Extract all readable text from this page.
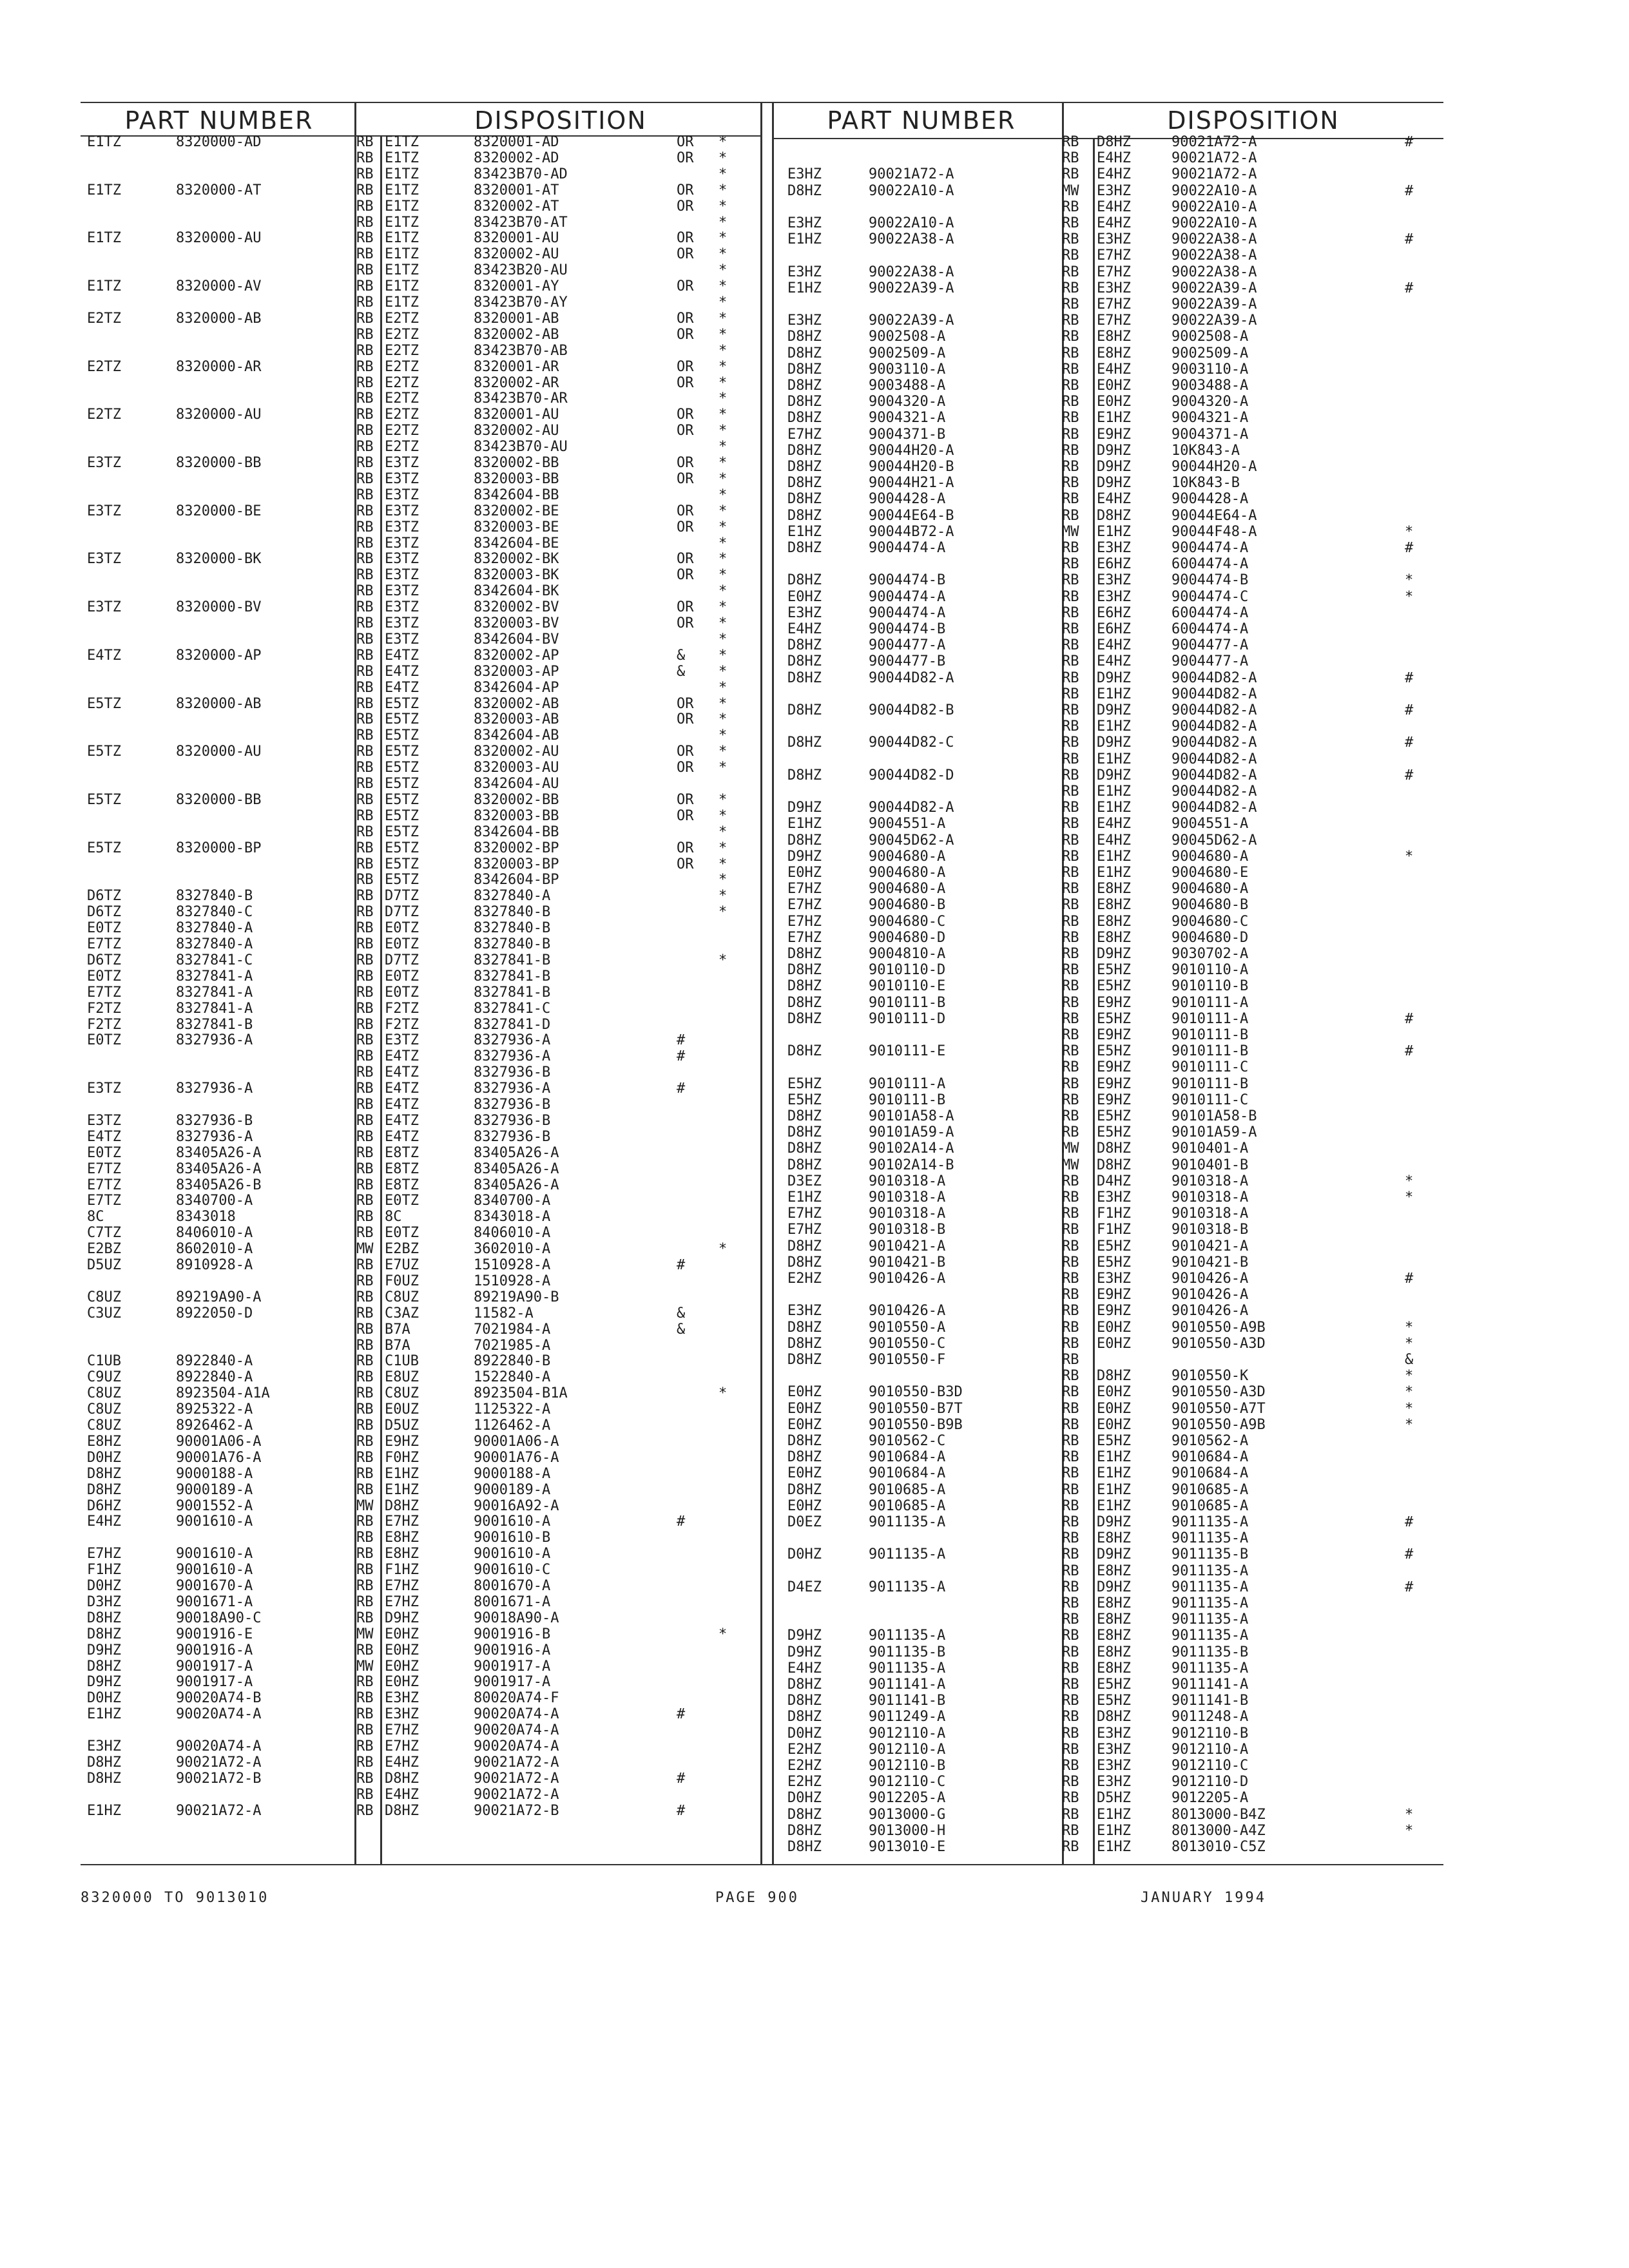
PART NUMBER	DISPOSITION	PART NUMBER	DISPOSITION
E1TZ	8320000-AD	RB E1TZ	8320001-AD	OR *
RB E1TZ	8320002-AD	OR *
RB E1TZ	83423B70-AD	*
E1TZ	8320000-AT	RB E1TZ	8320001-AT	OR *
RB E1TZ	8320002-AT	OR *
RB E1TZ	83423B70-AT	*
E1TZ	8320000-AU	RB E1TZ	8320001-AU	OR *
RB E1TZ	8320002-AU	OR *
RB E1TZ	83423B20-AU	*
E1TZ	8320000-AV	RB E1TZ	8320001-AY	OR *
RB E1TZ	83423B70-AY	*
E2TZ	8320000-AB	RB E2TZ	8320001-AB	OR *
RB E2TZ	8320002-AB	OR *
RB E2TZ	83423B70-AB	*
E2TZ	8320000-AR	RB E2TZ	8320001-AR	OR *
RB E2TZ	8320002-AR	OR *
RB E2TZ	83423B70-AR	*
E2TZ	8320000-AU	RB E2TZ	8320001-AU	OR *
RB E2TZ	8320002-AU	OR *
RB E2TZ	83423B70-AU	*
E3TZ	8320000-BB	RB E3TZ	8320002-BB	OR *
RB E3TZ	8320003-BB	OR *
RB E3TZ	8342604-BB	*
E3TZ	8320000-BE	RB E3TZ	8320002-BE	OR *
RB E3TZ	8320003-BE	OR *
RB E3TZ	8342604-BE	*
E3TZ	8320000-BK	RB E3TZ	8320002-BK	OR *
RB E3TZ	8320003-BK	OR *
RB E3TZ	8342604-BK	*
E3TZ	8320000-BV	RB E3TZ	8320002-BV	OR *
RB E3TZ	8320003-BV	OR *
RB E3TZ	8342604-BV	*
E4TZ	8320000-AP	RB E4TZ	8320002-AP	& *
RB E4TZ	8320003-AP	& *
RB E4TZ	8342604-AP	*
E5TZ	8320000-AB	RB E5TZ	8320002-AB	OR *
RB E5TZ	8320003-AB	OR *
RB E5TZ	8342604-AB	*
E5TZ	8320000-AU	RB E5TZ	8320002-AU	OR *
RB E5TZ	8320003-AU	OR *
RB E5TZ	8342604-AU
E5TZ	8320000-BB	RB E5TZ	8320002-BB	OR *
RB E5TZ	8320003-BB	OR *
RB E5TZ	8342604-BB	*
E5TZ	8320000-BP	RB E5TZ	8320002-BP	OR *
RB E5TZ	8320003-BP	OR *
RB E5TZ	8342604-BP	*
D6TZ	8327840-B	RB D7TZ	8327840-A	*
D6TZ	8327840-C	RB D7TZ	8327840-B	*
E0TZ	8327840-A	RB E0TZ	8327840-B
E7TZ	8327840-A	RB E0TZ	8327840-B
D6TZ	8327841-C	RB D7TZ	8327841-B	*
E0TZ	8327841-A	RB E0TZ	8327841-B
E7TZ	8327841-A	RB E0TZ	8327841-B
F2TZ	8327841-A	RB F2TZ	8327841-C
F2TZ	8327841-B	RB F2TZ	8327841-D
E0TZ	8327936-A	RB E3TZ	8327936-A	#
RB E4TZ	8327936-A	#
RB E4TZ	8327936-B
E3TZ	8327936-A	RB E4TZ	8327936-A	#
RB E4TZ	8327936-B
E3TZ	8327936-B	RB E4TZ	8327936-B
E4TZ	8327936-A	RB E4TZ	8327936-B
E0TZ	83405A26-A	RB E8TZ	83405A26-A
E7TZ	83405A26-A	RB E8TZ	83405A26-A
E7TZ	83405A26-B	RB E8TZ	83405A26-A
E7TZ	8340700-A	RB E0TZ	8340700-A
8C	8343018	RB 8C	8343018-A
C7TZ	8406010-A	RB E0TZ	8406010-A
E2BZ	8602010-A	MW E2BZ	3602010-A	*
D5UZ	8910928-A	RB E7UZ	1510928-A	#
RB F0UZ	1510928-A
C8UZ	89219A90-A	RB C8UZ	89219A90-B
C3UZ	8922050-D	RB C3AZ	11582-A	&
RB B7A	7021984-A	&
RB B7A	7021985-A
C1UB	8922840-A	RB C1UB	8922840-B
C9UZ	8922840-A	RB E8UZ	1522840-A
C8UZ	8923504-A1A	RB C8UZ	8923504-B1A	*
C8UZ	8925322-A	RB E0UZ	1125322-A
C8UZ	8926462-A	RB D5UZ	1126462-A
E8HZ	90001A06-A	RB E9HZ	90001A06-A
D0HZ	90001A76-A	RB F0HZ	90001A76-A
D8HZ	9000188-A	RB E1HZ	9000188-A
D8HZ	9000189-A	RB E1HZ	9000189-A
D6HZ	9001552-A	MW D8HZ	90016A92-A
E4HZ	9001610-A	RB E7HZ	9001610-A	#
RB E8HZ	9001610-B
E7HZ	9001610-A	RB E8HZ	9001610-A
F1HZ	9001610-A	RB F1HZ	9001610-C
D0HZ	9001670-A	RB E7HZ	8001670-A
D3HZ	9001671-A	RB E7HZ	8001671-A
D8HZ	90018A90-C	RB D9HZ	90018A90-A
D8HZ	9001916-E	MW E0HZ	9001916-B	*
D9HZ	9001916-A	RB E0HZ	9001916-A
D8HZ	9001917-A	MW E0HZ	9001917-A
D9HZ	9001917-A	RB E0HZ	9001917-A
D0HZ	90020A74-B	RB E3HZ	80020A74-F
E1HZ	90020A74-A	RB E3HZ	90020A74-A	#
RB E7HZ	90020A74-A
E3HZ	90020A74-A	RB E7HZ	90020A74-A
D8HZ	90021A72-A	RB E4HZ	90021A72-A
D8HZ	90021A72-B	RB D8HZ	90021A72-A	#
RB E4HZ	90021A72-A
E1HZ	90021A72-A	RB D8HZ	90021A72-B	#
RB D8HZ	90021A72-A	#
RB E4HZ	90021A72-A
E3HZ	90021A72-A	RB E4HZ	90021A72-A
D8HZ	90022A10-A	MW E3HZ	90022A10-A	#
RB E4HZ	90022A10-A
E3HZ	90022A10-A	RB E4HZ	90022A10-A
E1HZ	90022A38-A	RB E3HZ	90022A38-A	#
RB E7HZ	90022A38-A
E3HZ	90022A38-A	RB E7HZ	90022A38-A
E1HZ	90022A39-A	RB E3HZ	90022A39-A	#
RB E7HZ	90022A39-A
E3HZ	90022A39-A	RB E7HZ	90022A39-A
D8HZ	9002508-A	RB E8HZ	9002508-A
D8HZ	9002509-A	RB E8HZ	9002509-A
D8HZ	9003110-A	RB E4HZ	9003110-A
D8HZ	9003488-A	RB E0HZ	9003488-A
D8HZ	9004320-A	RB E0HZ	9004320-A
D8HZ	9004321-A	RB E1HZ	9004321-A
E7HZ	9004371-B	RB E9HZ	9004371-A
D8HZ	90044H20-A	RB D9HZ	10K843-A
D8HZ	90044H20-B	RB D9HZ	90044H20-A
D8HZ	90044H21-A	RB D9HZ	10K843-B
D8HZ	9004428-A	RB E4HZ	9004428-A
D8HZ	90044E64-B	RB D8HZ	90044E64-A
E1HZ	90044B72-A	MW E1HZ	90044F48-A	*
D8HZ	9004474-A	RB E3HZ	9004474-A	#
RB E6HZ	6004474-A
D8HZ	9004474-B	RB E3HZ	9004474-B	*
E0HZ	9004474-A	RB E3HZ	9004474-C	*
E3HZ	9004474-A	RB E6HZ	6004474-A
E4HZ	9004474-B	RB E6HZ	6004474-A
D8HZ	9004477-A	RB E4HZ	9004477-A
D8HZ	9004477-B	RB E4HZ	9004477-A
D8HZ	90044D82-A	RB D9HZ	90044D82-A	#
RB E1HZ	90044D82-A
D8HZ	90044D82-B	RB D9HZ	90044D82-A	#
RB E1HZ	90044D82-A
D8HZ	90044D82-C	RB D9HZ	90044D82-A	#
RB E1HZ	90044D82-A
D8HZ	90044D82-D	RB D9HZ	90044D82-A	#
RB E1HZ	90044D82-A
D9HZ	90044D82-A	RB E1HZ	90044D82-A
E1HZ	9004551-A	RB E4HZ	9004551-A
D8HZ	90045D62-A	RB E4HZ	90045D62-A
D9HZ	9004680-A	RB E1HZ	9004680-A	*
E0HZ	9004680-A	RB E1HZ	9004680-E
E7HZ	9004680-A	RB E8HZ	9004680-A
E7HZ	9004680-B	RB E8HZ	9004680-B
E7HZ	9004680-C	RB E8HZ	9004680-C
E7HZ	9004680-D	RB E8HZ	9004680-D
D8HZ	9004810-A	RB D9HZ	9030702-A
D8HZ	9010110-D	RB E5HZ	9010110-A
D8HZ	9010110-E	RB E5HZ	9010110-B
D8HZ	9010111-B	RB E9HZ	9010111-A
D8HZ	9010111-D	RB E5HZ	9010111-A	#
RB E9HZ	9010111-B
D8HZ	9010111-E	RB E5HZ	9010111-B	#
RB E9HZ	9010111-C
E5HZ	9010111-A	RB E9HZ	9010111-B
E5HZ	9010111-B	RB E9HZ	9010111-C
D8HZ	90101A58-A	RB E5HZ	90101A58-B
D8HZ	90101A59-A	RB E5HZ	90101A59-A
D8HZ	90102A14-A	MW D8HZ	9010401-A
D8HZ	90102A14-B	MW D8HZ	9010401-B
D3EZ	9010318-A	RB D4HZ	9010318-A	*
E1HZ	9010318-A	RB E3HZ	9010318-A	*
E7HZ	9010318-A	RB F1HZ	9010318-A
E7HZ	9010318-B	RB F1HZ	9010318-B
D8HZ	9010421-A	RB E5HZ	9010421-A
D8HZ	9010421-B	RB E5HZ	9010421-B
E2HZ	9010426-A	RB E3HZ	9010426-A	#
RB E9HZ	9010426-A
E3HZ	9010426-A	RB E9HZ	9010426-A
D8HZ	9010550-A	RB E0HZ	9010550-A9B	*
D8HZ	9010550-C	RB E0HZ	9010550-A3D	*
D8HZ	9010550-F	RB	&
RB D8HZ	9010550-K	*
E0HZ	9010550-B3D	RB E0HZ	9010550-A3D	*
E0HZ	9010550-B7T	RB E0HZ	9010550-A7T	*
E0HZ	9010550-B9B	RB E0HZ	9010550-A9B	*
D8HZ	9010562-C	RB E5HZ	9010562-A
D8HZ	9010684-A	RB E1HZ	9010684-A
E0HZ	9010684-A	RB E1HZ	9010684-A
D8HZ	9010685-A	RB E1HZ	9010685-A
E0HZ	9010685-A	RB E1HZ	9010685-A
D0EZ	9011135-A	RB D9HZ	9011135-A	#
RB E8HZ	9011135-A
D0HZ	9011135-A	RB D9HZ	9011135-B	#
RB E8HZ	9011135-A
D4EZ	9011135-A	RB D9HZ	9011135-A	#
RB E8HZ	9011135-A
RB E8HZ	9011135-A
D9HZ	9011135-A	RB E8HZ	9011135-A
D9HZ	9011135-B	RB E8HZ	9011135-B
E4HZ	9011135-A	RB E8HZ	9011135-A
D8HZ	9011141-A	RB E5HZ	9011141-A
D8HZ	9011141-B	RB E5HZ	9011141-B
D8HZ	9011249-A	RB D8HZ	9011248-A
D0HZ	9012110-A	RB E3HZ	9012110-B
E2HZ	9012110-A	RB E3HZ	9012110-A
E2HZ	9012110-B	RB E3HZ	9012110-C
E2HZ	9012110-C	RB E3HZ	9012110-D
D0HZ	9012205-A	RB D5HZ	9012205-A
D8HZ	9013000-G	RB E1HZ	8013000-B4Z	*
D8HZ	9013000-H	RB E1HZ	8013000-A4Z	*
D8HZ	9013010-E	RB E1HZ	8013010-C5Z
8320000 TO 9013010	PAGE 900	JANUARY 1994
